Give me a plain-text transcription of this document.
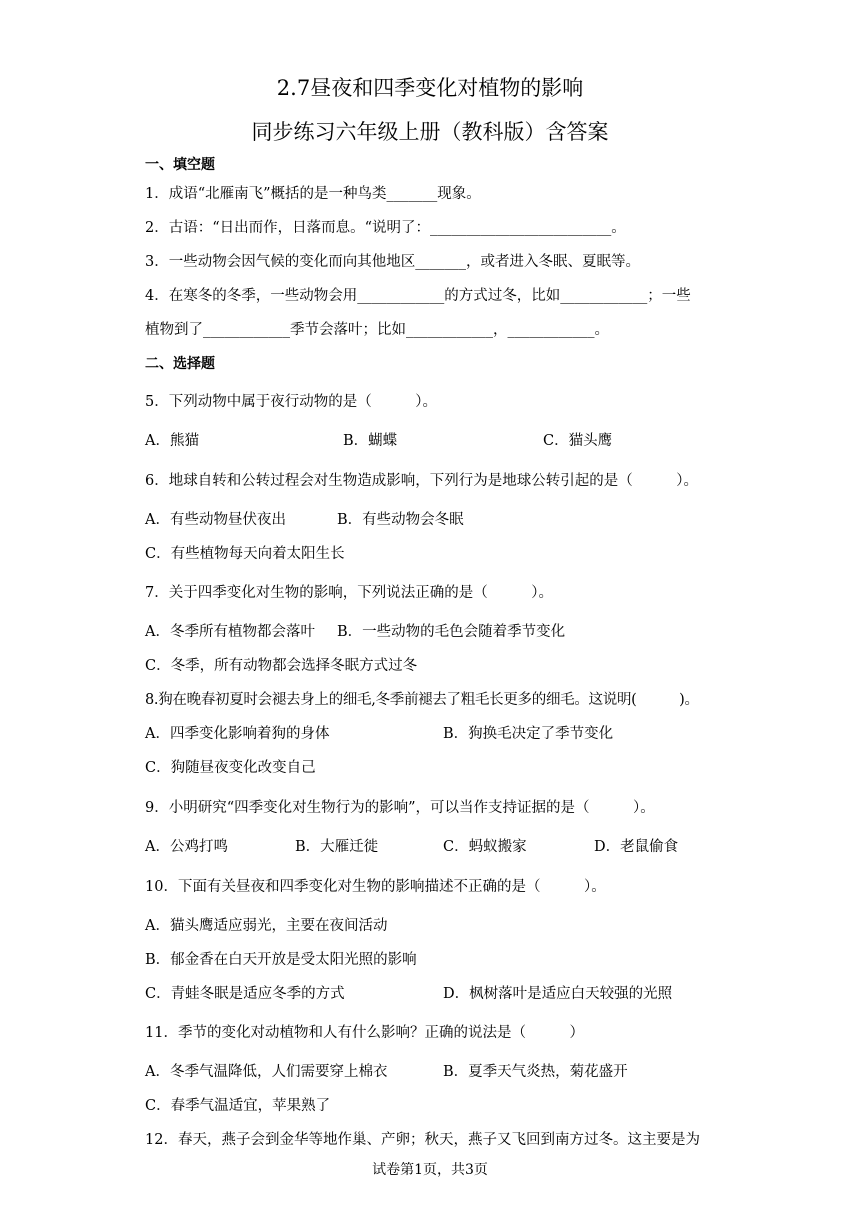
2.7昼夜和四季变化对植物的影响
同步练习六年级上册（教科版）含答案
一、填空题
1．成语“北雁南飞”概括的是一种鸟类_______现象。
2．古语：“日出而作，日落而息。“说明了：_________________________。
3．一些动物会因气候的变化而向其他地区_______，或者进入冬眠、夏眠等。
4．在寒冬的冬季，一些动物会用____________的方式过冬，比如____________；一些
植物到了____________季节会落叶；比如____________，____________。
二、选择题
5．下列动物中属于夜行动物的是（　　　）。
A．熊猫	B．蝴蝶	C．猫头鹰
6．地球自转和公转过程会对生物造成影响，下列行为是地球公转引起的是（　　　）。
A．有些动物昼伏夜出	B．有些动物会冬眠
C．有些植物每天向着太阳生长
7．关于四季变化对生物的影响，下列说法正确的是（　　　）。
A．冬季所有植物都会落叶 B．一些动物的毛色会随着季节变化
C．冬季，所有动物都会选择冬眠方式过冬
8.狗在晚春初夏时会褪去身上的细毛,冬季前褪去了粗毛长更多的细毛。这说明(　　　)。
A．四季变化影响着狗的身体	B．狗换毛决定了季节变化
C．狗随昼夜变化改变自己
9．小明研究“四季变化对生物行为的影响”，可以当作支持证据的是（　　　）。
A．公鸡打鸣	B．大雁迁徙	C．蚂蚁搬家	D．老鼠偷食
10．下面有关昼夜和四季变化对生物的影响描述不正确的是（　　　）。
A．猫头鹰适应弱光，主要在夜间活动
B．郁金香在白天开放是受太阳光照的影响
C．青蛙冬眠是适应冬季的方式	D．枫树落叶是适应白天较强的光照
11．季节的变化对动植物和人有什么影响？正确的说法是（　　　）
A．冬季气温降低，人们需要穿上棉衣	B．夏季天气炎热，菊花盛开
C．春季气温适宜，苹果熟了
12．春天，燕子会到金华等地作巢、产卵；秋天，燕子又飞回到南方过冬。这主要是为
试卷第1页，共3页
